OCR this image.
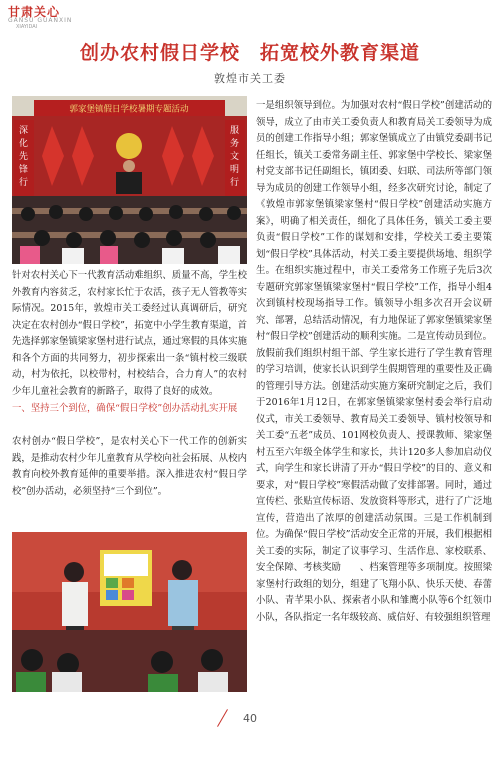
甘肃关心
GANSU GUANXIN
XIAYIDAI
创办农村假日学校　拓宽校外教育渠道
敦煌市关工委
郭家堡镇假日学校暑期专题活动
深化先锋行
服务文明行

针对农村关心下一代教育活动难组织、质量不高，学生校外教育内容贫乏，农村家长忙于农活，孩子无人管教等实际情况。2015年，敦煌市关工委经过认真调研后，研究决定在农村创办“假日学校”，拓宽中小学生教育渠道，首先选择郭家堡镇梁家堡村进行试点，通过寒假的具体实施和各个方面的共同努力，初步探索出一条“镇村校三级联动，村为依托，以校带村，村校结合，合力育人”的农村少年儿童社会教育的新路子，取得了良好的成效。

一、坚持三个到位，确保“假日学校”创办活动扎实开展

农村创办“假日学校”，是农村关心下一代工作的创新实践，是推动农村少年儿童教育从学校向社会拓展、从校内教育向校外教育延伸的重要举措。深入推进农村“假日学校”创办活动，必须坚持“三个到位”。

一是组织领导到位。为加强对农村“假日学校”创建活动的领导，成立了由市关工委负责人和教育局关工委领导为成员的创建工作指导小组；郭家堡镇成立了由镇党委副书记任组长，镇关工委常务副主任、郭家堡中学校长、梁家堡村党支部书记任副组长，镇团委、妇联、司法所等部门领导为成员的创建工作领导小组，经多次研究讨论，制定了《敦煌市郭家堡镇梁家堡村“假日学校”创建活动实施方案》，明确了相关责任，细化了具体任务，镇关工委主要负责“假日学校”工作的谋划和安排，学校关工委主要策划“假日学校”具体活动，村关工委主要提供场地、组织学生。在组织实施过程中，市关工委常务工作班子先后3次专题研究郭家堡镇梁家堡村“假日学校”工作，指导小组4次到镇村校现场指导工作。镇领导小组多次召开会议研究、部署，总结活动情况，有力地保证了郭家堡镇梁家堡村“假日学校”创建活动的顺利实施。二是宣传动员到位。放假前我们组织村组干部、学生家长进行了学生教育管理的学习培训，使家长认识到学生假期管理的重要性及正确的管理引导方法。创建活动实施方案研究制定之后，我们于2016年1月12日，在郭家堡镇梁家堡村委会举行启动仪式，市关工委领导、教育局关工委领导、镇村校领导和关工委“五老”成员、101网校负责人、授课教师、梁家堡村五至六年级全体学生和家长，共计120多人参加启动仪式，向学生和家长讲清了开办“假日学校”的目的、意义和要求，对“假日学校”寒假活动做了安排部署。同时，通过宣传栏、张贴宣传标语、发放资料等形式，进行了广泛地宣传，营造出了浓厚的创建活动氛围。三是工作机制到位。为确保“假日学校”活动安全正常的开展，我们根据相关工委的实际，制定了议事学习、生活作息、家校联系、安全保障、考核奖励　　、档案管理等多项制度。按照梁家堡村行政组的划分，组建了飞翔小队、快乐天使、春蕾小队、青芊果小队、探索者小队和雏鹰小队等6个红领巾小队，各队指定一名年级较高、威信好、有较强组织管理

40
